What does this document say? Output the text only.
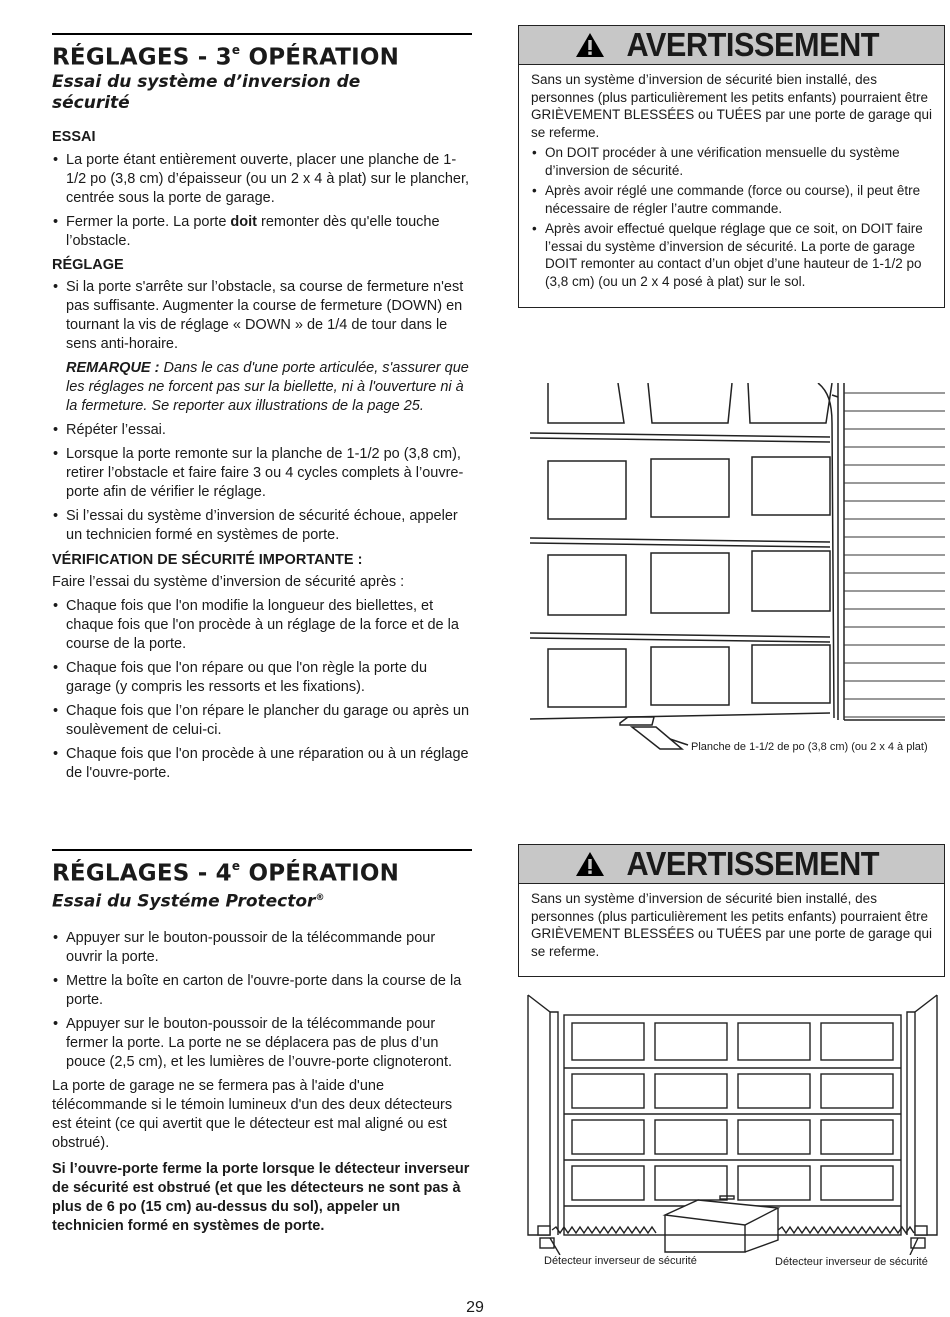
RÉGLAGES - 3e OPÉRATION
Essai du système d’inversion de sécurité
ESSAI
• La porte étant entièrement ouverte, placer une planche de 1-1/2 po (3,8 cm) d’épaisseur (ou un 2 x 4 à plat) sur le plancher, centrée sous la porte de garage.
• Fermer la porte. La porte doit remonter dès qu'elle touche l’obstacle.
RÉGLAGE
• Si la porte s'arrête sur l’obstacle, sa course de fermeture n'est pas suffisante. Augmenter la course de fermeture (DOWN) en tournant la vis de réglage « DOWN » de 1/4 de tour dans le sens anti-horaire.
REMARQUE : Dans le cas d'une porte articulée, s'assurer que les réglages ne forcent pas sur la biellette, ni à l'ouverture ni à la fermeture. Se reporter aux illustrations de la page 25.
• Répéter l’essai.
• Lorsque la porte remonte sur la planche de 1-1/2 po (3,8 cm), retirer l’obstacle et faire faire 3 ou 4 cycles complets à l’ouvre-porte afin de vérifier le réglage.
• Si l’essai du système d’inversion de sécurité échoue, appeler un technicien formé en systèmes de porte.
VÉRIFICATION DE SÉCURITÉ IMPORTANTE :

Faire l’essai du système d’inversion de sécurité après :

• Chaque fois que l'on modifie la longueur des biellettes, et chaque fois que l'on procède à un réglage de la force et de la course de la porte.
• Chaque fois que l'on répare ou que l'on règle la porte du garage (y compris les ressorts et les fixations).
• Chaque fois que l’on répare le plancher du garage ou après un soulèvement de celui-ci.
• Chaque fois que l'on procède à une réparation ou à un réglage de l'ouvre-porte.
AVERTISSEMENT

Sans un système d’inversion de sécurité bien installé, des personnes (plus particulièrement les petits enfants) pourraient être GRIÈVEMENT BLESSÉES ou TUÉES par une porte de garage qui se referme.

• On DOIT procéder à une vérification mensuelle du système d’inversion de sécurité.
• Après avoir réglé une commande (force ou course), il peut être nécessaire de régler l’autre commande.
• Après avoir effectué quelque réglage que ce soit, on DOIT faire l’essai du système d’inversion de sécurité. La porte de garage DOIT remonter au contact d’un objet d’une hauteur de 1-1/2 po (3,8 cm) (ou un 2 x 4 posé à plat) sur le sol.
Planche de 1-1/2 de po (3,8 cm) (ou 2 x 4 à plat)
RÉGLAGES - 4e OPÉRATION
Essai du Systéme Protector®
• Appuyer sur le bouton-poussoir de la télécommande pour ouvrir la porte.
• Mettre la boîte en carton de l'ouvre-porte dans la course de la porte.
• Appuyer sur le bouton-poussoir de la télécommande pour fermer la porte. La porte ne se déplacera pas de plus d’un pouce (2,5 cm), et les lumières de l’ouvre-porte clignoteront.

La porte de garage ne se fermera pas à l'aide d'une télécommande si le témoin lumineux d'un des deux détecteurs est éteint (ce qui avertit que le détecteur est mal aligné ou est obstrué).

Si l’ouvre-porte ferme la porte lorsque le détecteur inverseur de sécurité est obstrué (et que les détecteurs ne sont pas à plus de 6 po (15 cm) au-dessus du sol), appeler un technicien formé en systèmes de porte.

AVERTISSEMENT

Sans un système d’inversion de sécurité bien installé, des personnes (plus particulièrement les petits enfants) pourraient être GRIÈVEMENT BLESSÉES ou TUÉES par une porte de garage qui se referme.

Détecteur inverseur de sécurité	Détecteur inverseur de sécurité
29
